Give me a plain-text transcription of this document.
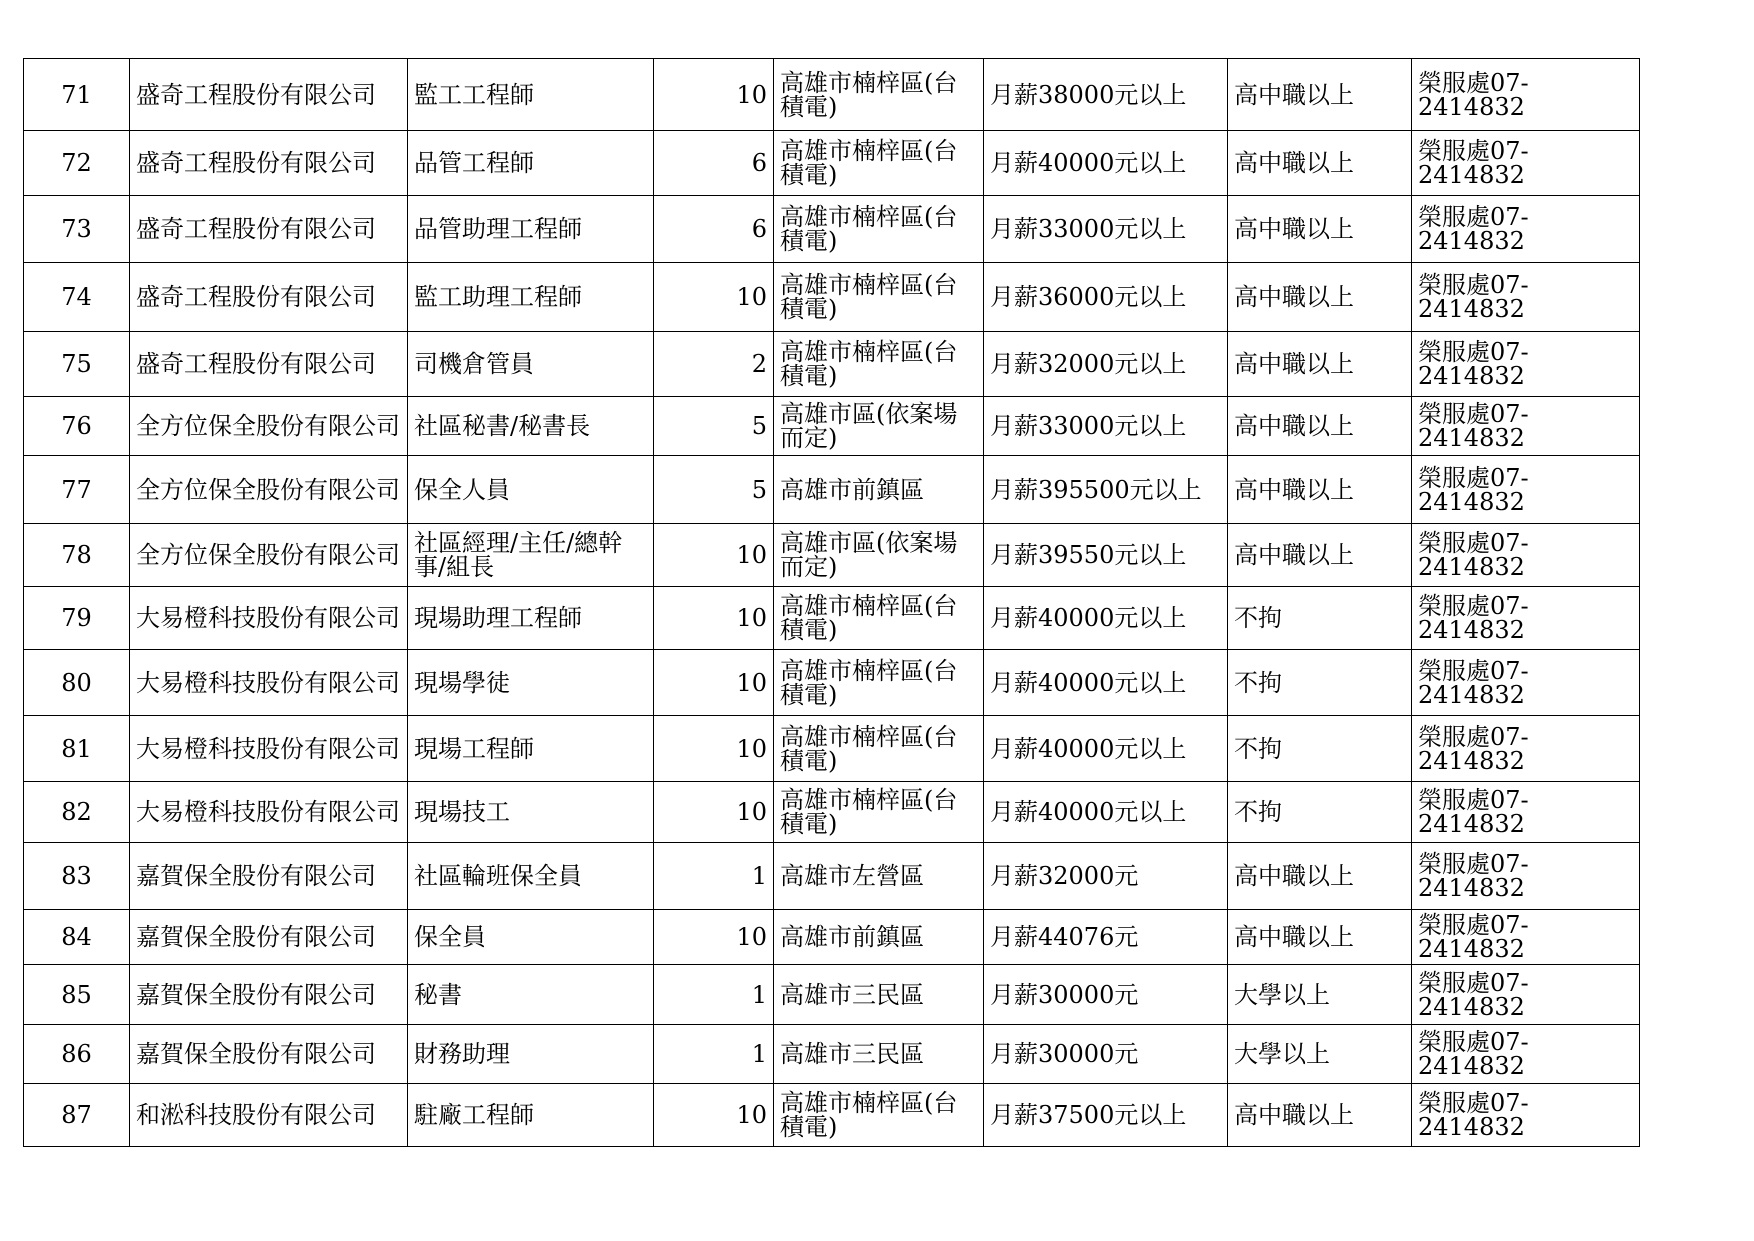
71	盛奇工程股份有限公司	監工工程師	10	高雄市楠梓區(台積電)	月薪38000元以上	高中職以上	榮服處07-2414832
72	盛奇工程股份有限公司	品管工程師	6	高雄市楠梓區(台積電)	月薪40000元以上	高中職以上	榮服處07-2414832
73	盛奇工程股份有限公司	品管助理工程師	6	高雄市楠梓區(台積電)	月薪33000元以上	高中職以上	榮服處07-2414832
74	盛奇工程股份有限公司	監工助理工程師	10	高雄市楠梓區(台積電)	月薪36000元以上	高中職以上	榮服處07-2414832
75	盛奇工程股份有限公司	司機倉管員	2	高雄市楠梓區(台積電)	月薪32000元以上	高中職以上	榮服處07-2414832
76	全方位保全股份有限公司	社區秘書/秘書長	5	高雄市區(依案場而定)	月薪33000元以上	高中職以上	榮服處07-2414832
77	全方位保全股份有限公司	保全人員	5	高雄市前鎮區	月薪395500元以上	高中職以上	榮服處07-2414832
78	全方位保全股份有限公司	社區經理/主任/總幹事/組長	10	高雄市區(依案場而定)	月薪39550元以上	高中職以上	榮服處07-2414832
79	大易橙科技股份有限公司	現場助理工程師	10	高雄市楠梓區(台積電)	月薪40000元以上	不拘	榮服處07-2414832
80	大易橙科技股份有限公司	現場學徒	10	高雄市楠梓區(台積電)	月薪40000元以上	不拘	榮服處07-2414832
81	大易橙科技股份有限公司	現場工程師	10	高雄市楠梓區(台積電)	月薪40000元以上	不拘	榮服處07-2414832
82	大易橙科技股份有限公司	現場技工	10	高雄市楠梓區(台積電)	月薪40000元以上	不拘	榮服處07-2414832
83	嘉賀保全股份有限公司	社區輪班保全員	1	高雄市左營區	月薪32000元	高中職以上	榮服處07-2414832
84	嘉賀保全股份有限公司	保全員	10	高雄市前鎮區	月薪44076元	高中職以上	榮服處07-2414832
85	嘉賀保全股份有限公司	秘書	1	高雄市三民區	月薪30000元	大學以上	榮服處07-2414832
86	嘉賀保全股份有限公司	財務助理	1	高雄市三民區	月薪30000元	大學以上	榮服處07-2414832
87	和淞科技股份有限公司	駐廠工程師	10	高雄市楠梓區(台積電)	月薪37500元以上	高中職以上	榮服處07-2414832
